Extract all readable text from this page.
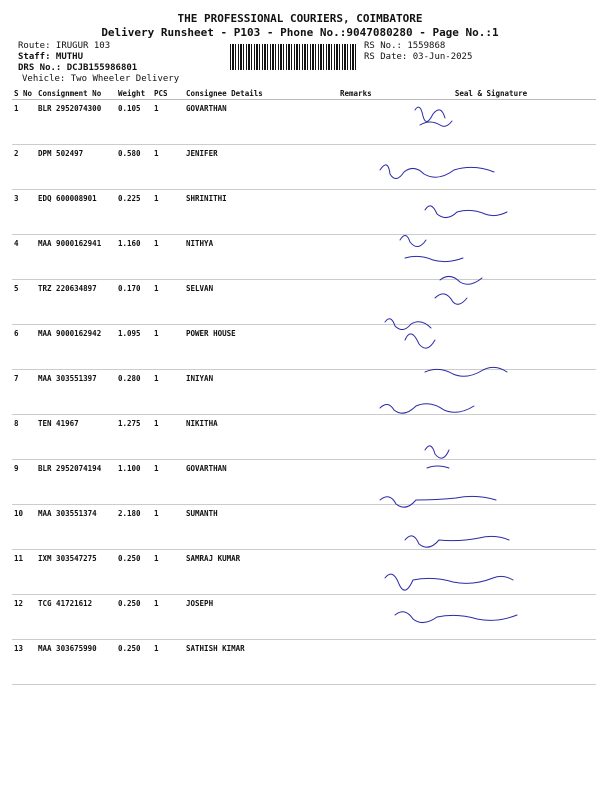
THE PROFESSIONAL COURIERS, COIMBATORE
Delivery Runsheet - P103 - Phone No.:9047080280 - Page No.:1
Route: IRUGUR 103
Staff: MUTHU
DRS No.: DCJB155986801
Vehicle: Two Wheeler Delivery
RS No.: 1559868
RS Date: 03-Jun-2025
S No	Consignment No	Weight	PCS	Consignee Details	Remarks	Seal & Signature
1	BLR 2952074300	0.105	1	GOVARTHAN		
2	DPM 502497	0.580	1	JENIFER		
3	EDQ 600008901	0.225	1	SHRINITHI		
4	MAA 9000162941	1.160	1	NITHYA		
5	TRZ 220634897	0.170	1	SELVAN		
6	MAA 9000162942	1.095	1	POWER HOUSE		
7	MAA 303551397	0.280	1	INIYAN		
8	TEN 41967	1.275	1	NIKITHA		
9	BLR 2952074194	1.100	1	GOVARTHAN		
10	MAA 303551374	2.180	1	SUMANTH		
11	IXM 303547275	0.250	1	SAMRAJ KUMAR		
12	TCG 41721612	0.250	1	JOSEPH		
13	MAA 303675990	0.250	1	SATHISH KIMAR		
